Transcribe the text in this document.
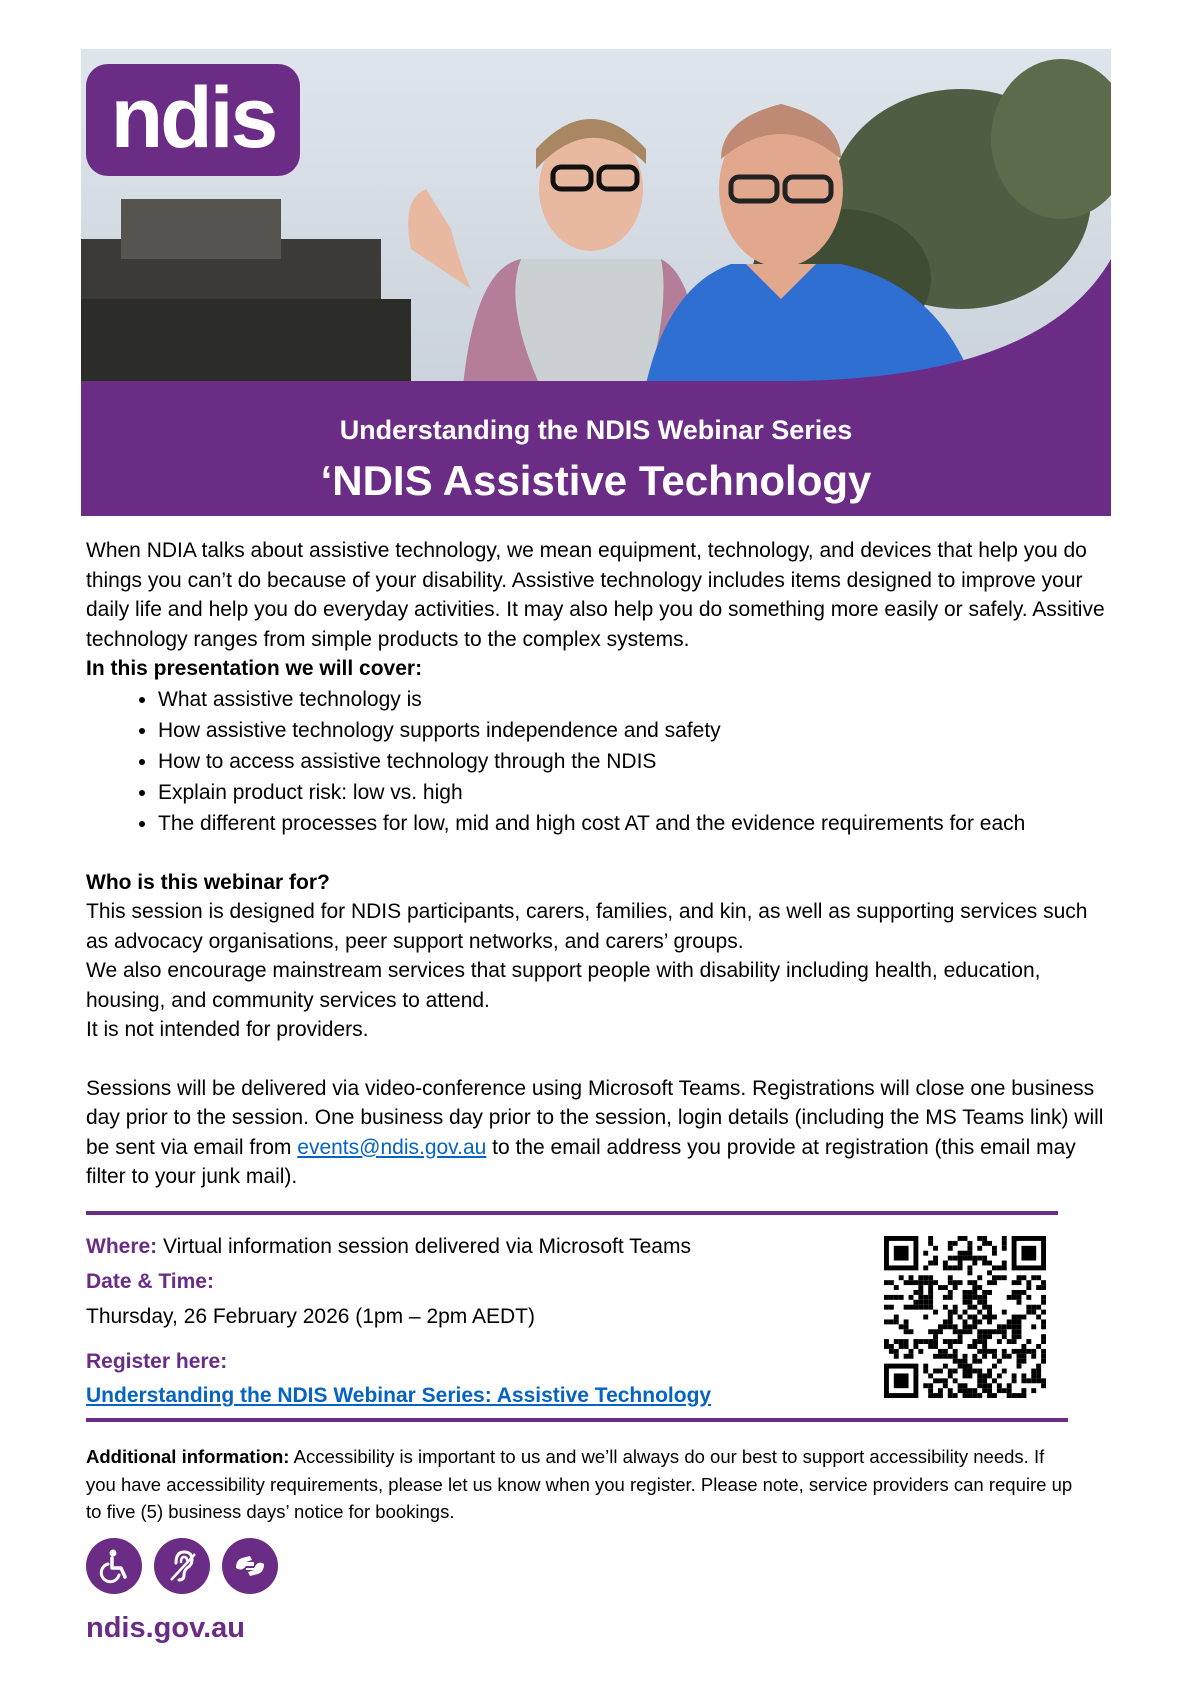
ndis
Understanding the NDIS Webinar Series
‘NDIS Assistive Technology

When NDIA talks about assistive technology, we mean equipment, technology, and devices that help you do things you can’t do because of your disability. Assistive technology includes items designed to improve your daily life and help you do everyday activities. It may also help you do something more easily or safely. Assitive technology ranges from simple products to the complex systems.

In this presentation we will cover:

• What assistive technology is
• How assistive technology supports independence and safety
• How to access assistive technology through the NDIS
• Explain product risk: low vs. high
• The different processes for low, mid and high cost AT and the evidence requirements for each

Who is this webinar for?

This session is designed for NDIS participants, carers, families, and kin, as well as supporting services such as advocacy organisations, peer support networks, and carers’ groups.

We also encourage mainstream services that support people with disability including health, education, housing, and community services to attend.

It is not intended for providers.

Sessions will be delivered via video-conference using Microsoft Teams. Registrations will close one business day prior to the session. One business day prior to the session, login details (including the MS Teams link) will be sent via email from events@ndis.gov.au to the email address you provide at registration (this email may filter to your junk mail).

Where: Virtual information session delivered via Microsoft Teams
Date & Time:
Thursday, 26 February 2026 (1pm – 2pm AEDT)
Register here:
Understanding the NDIS Webinar Series: Assistive Technology
Additional information: Accessibility is important to us and we’ll always do our best to support accessibility needs. If you have accessibility requirements, please let us know when you register. Please note, service providers can require up to five (5) business days’ notice for bookings.
ndis.gov.au
